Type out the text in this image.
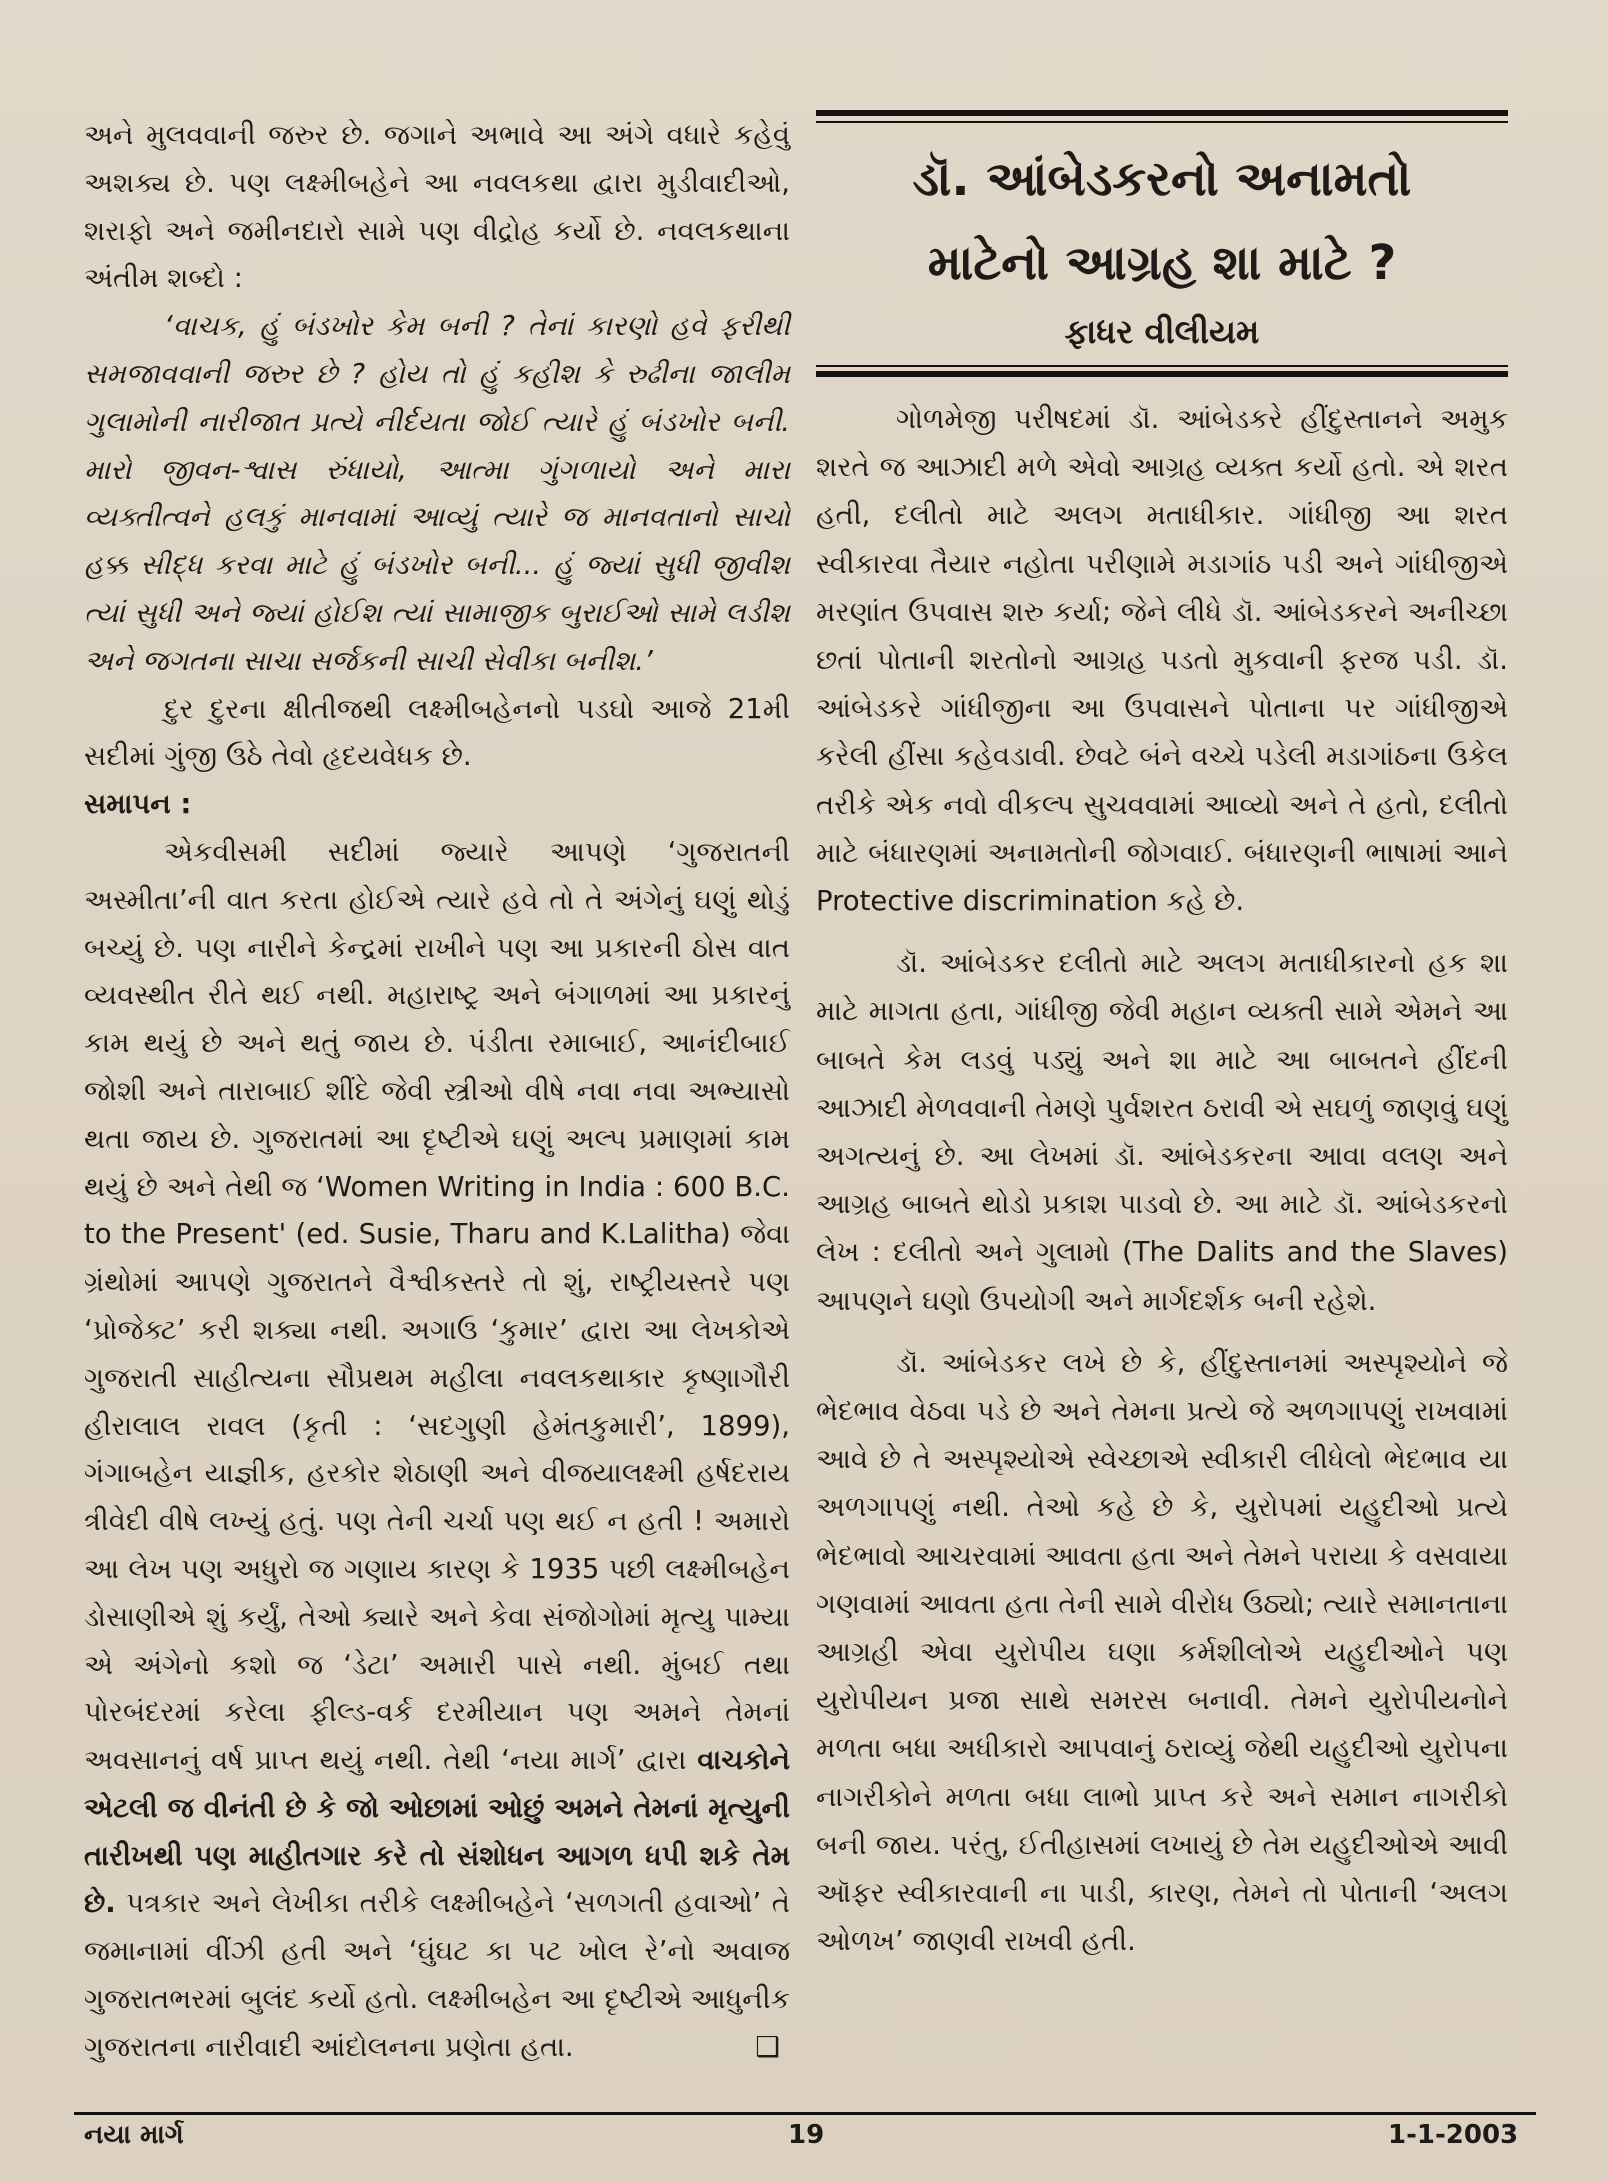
અને મુલવવાની જરુર છે. જગાને અભાવે આ અંગે વધારે કહેવું અશક્ય છે. પણ લક્ષ્મીબહેને આ નવલકથા દ્વારા મુડીવાદીઓ, શરાફો અને જમીનદારો સામે પણ વીદ્રોહ કર્યો છે. નવલકથાના અંતીમ શબ્દો :

‘વાચક, હું બંડખોર કેમ બની ? તેનાં કારણો હવે ફરીથી સમજાવવાની જરુર છે ? હોય તો હું કહીશ કે રુઢીના જાલીમ ગુલામોની નારીજાત પ્રત્યે નીર્દયતા જોઈ ત્યારે હું બંડખોર બની. મારો જીવન-શ્વાસ રુંધાયો, આત્મા ગુંગળાયો અને મારા વ્યક્તીત્વને હલકું માનવામાં આવ્યું ત્યારે જ માનવતાનો સાચો હક્ક સીદ્ધ કરવા માટે હું બંડખોર બની... હું જ્યાં સુધી જીવીશ ત્યાં સુધી અને જ્યાં હોઈશ ત્યાં સામાજીક બુરાઈઓ સામે લડીશ અને જગતના સાચા સર્જકની સાચી સેવીકા બનીશ.’

દુર દુરના ક્ષીતીજથી લક્ષ્મીબહેનનો પડઘો આજે 21મી સદીમાં ગુંજી ઉઠે તેવો હૃદયવેધક છે.

સમાપન :

એકવીસમી સદીમાં જ્યારે આપણે ‘ગુજરાતની અસ્મીતા’ની વાત કરતા હોઈએ ત્યારે હવે તો તે અંગેનું ઘણું થોડું બચ્યું છે. પણ નારીને કેન્દ્રમાં રાખીને પણ આ પ્રકારની ઠોસ વાત વ્યવસ્થીત રીતે થઈ નથી. મહારાષ્ટ્ર અને બંગાળમાં આ પ્રકારનું કામ થયું છે અને થતું જાય છે. પંડીતા રમાબાઈ, આનંદીબાઈ જોશી અને તારાબાઈ શીંદે જેવી સ્ત્રીઓ વીષે નવા નવા અભ્યાસો થતા જાય છે. ગુજરાતમાં આ દૃષ્ટીએ ઘણું અલ્પ પ્રમાણમાં કામ થયું છે અને તેથી જ ‘Women Writing in India : 600 B.C. to the Present' (ed. Susie, Tharu and K.Lalitha) જેવા ગ્રંથોમાં આપણે ગુજરાતને વૈશ્વીકસ્તરે તો શું, રાષ્ટ્રીયસ્તરે પણ ‘પ્રોજેક્ટ’ કરી શક્યા નથી. અગાઉ ‘કુમાર’ દ્વારા આ લેખકોએ ગુજરાતી સાહીત્યના સૌપ્રથમ મહીલા નવલકથાકાર કૃષ્ણાગૌરી હીરાલાલ રાવલ (કૃતી : ‘સદગુણી હેમંતકુમારી’, 1899), ગંગાબહેન યાજ્ઞીક, હરકોર શેઠાણી અને વીજયાલક્ષ્મી હર્ષદરાય ત્રીવેદી વીષે લખ્યું હતું. પણ તેની ચર્ચા પણ થઈ ન હતી ! અમારો આ લેખ પણ અધુરો જ ગણાય કારણ કે 1935 પછી લક્ષ્મીબહેન ડોસાણીએ શું કર્યું, તેઓ ક્યારે અને કેવા સંજોગોમાં મૃત્યુ પામ્યા એ અંગેનો કશો જ ‘ડેટા’ અમારી પાસે નથી. મુંબઈ તથા પોરબંદરમાં કરેલા ફીલ્ડ-વર્ક દરમીયાન પણ અમને તેમનાં અવસાનનું વર્ષ પ્રાપ્ત થયું નથી. તેથી ‘નયા માર્ગ’ દ્વારા વાચકોને એટલી જ વીનંતી છે કે જો ઓછામાં ઓછું અમને તેમનાં મૃત્યુની તારીખથી પણ માહીતગાર કરે તો સંશોધન આગળ ધપી શકે તેમ છે. પત્રકાર અને લેખીકા તરીકે લક્ષ્મીબહેને ‘સળગતી હવાઓ’ તે જમાનામાં વીંઝી હતી અને ‘ઘુંઘટ કા પટ ખોલ રે’નો અવાજ ગુજરાતભરમાં બુલંદ કર્યો હતો. લક્ષ્મીબહેન આ દૃષ્ટીએ આધુનીક ગુજરાતના નારીવાદી આંદોલનના પ્રણેતા હતા.	❑

ડૉ. આંબેડકરનો અનામતો
માટેનો આગ્રહ શા માટે ?
ફાધર વીલીયમ

ગોળમેજી પરીષદમાં ડૉ. આંબેડકરે હીંદુસ્તાનને અમુક શરતે જ આઝાદી મળે એવો આગ્રહ વ્યક્ત કર્યો હતો. એ શરત હતી, દલીતો માટે અલગ મતાધીકાર. ગાંધીજી આ શરત સ્વીકારવા તૈયાર નહોતા પરીણામે મડાગાંઠ પડી અને ગાંધીજીએ મરણાંત ઉપવાસ શરુ કર્યા; જેને લીધે ડૉ. આંબેડકરને અનીચ્છા છતાં પોતાની શરતોનો આગ્રહ પડતો મુકવાની ફરજ પડી. ડૉ. આંબેડકરે ગાંધીજીના આ ઉપવાસને પોતાના પર ગાંધીજીએ કરેલી હીંસા કહેવડાવી. છેવટે બંને વચ્ચે પડેલી મડાગાંઠના ઉકેલ તરીકે એક નવો વીકલ્પ સુચવવામાં આવ્યો અને તે હતો, દલીતો માટે બંધારણમાં અનામતોની જોગવાઈ. બંધારણની ભાષામાં આને Protective discrimination કહે છે.

ડૉ. આંબેડકર દલીતો માટે અલગ મતાધીકારનો હક શા માટે માગતા હતા, ગાંધીજી જેવી મહાન વ્યક્તી સામે એમને આ બાબતે કેમ લડવું પડ્યું અને શા માટે આ બાબતને હીંદની આઝાદી મેળવવાની તેમણે પુર્વશરત ઠરાવી એ સઘળું જાણવું ઘણું અગત્યનું છે. આ લેખમાં ડૉ. આંબેડકરના આવા વલણ અને આગ્રહ બાબતે થોડો પ્રકાશ પાડવો છે. આ માટે ડૉ. આંબેડકરનો લેખ : દલીતો અને ગુલામો (The Dalits and the Slaves) આપણને ઘણો ઉપયોગી અને માર્ગદર્શક બની રહેશે.

ડૉ. આંબેડકર લખે છે કે, હીંદુસ્તાનમાં અસ્પૃશ્યોને જે ભેદભાવ વેઠવા પડે છે અને તેમના પ્રત્યે જે અળગાપણું રાખવામાં આવે છે તે અસ્પૃશ્યોએ સ્વેચ્છાએ સ્વીકારી લીધેલો ભેદભાવ યા અળગાપણું નથી. તેઓ કહે છે કે, યુરોપમાં યહુદીઓ પ્રત્યે ભેદભાવો આચરવામાં આવતા હતા અને તેમને પરાયા કે વસવાયા ગણવામાં આવતા હતા તેની સામે વીરોધ ઉઠ્યો; ત્યારે સમાનતાના આગ્રહી એવા યુરોપીય ઘણા કર્મશીલોએ યહુદીઓને પણ યુરોપીયન પ્રજા સાથે સમરસ બનાવી. તેમને યુરોપીયનોને મળતા બધા અધીકારો આપવાનું ઠરાવ્યું જેથી યહુદીઓ યુરોપના નાગરીકોને મળતા બધા લાભો પ્રાપ્ત કરે અને સમાન નાગરીકો બની જાય. પરંતુ, ઈતીહાસમાં લખાયું છે તેમ યહુદીઓએ આવી ઑફર સ્વીકારવાની ના પાડી, કારણ, તેમને તો પોતાની ‘અલગ ઓળખ’ જાણવી રાખવી હતી.

નયા માર્ગ	19	1-1-2003
